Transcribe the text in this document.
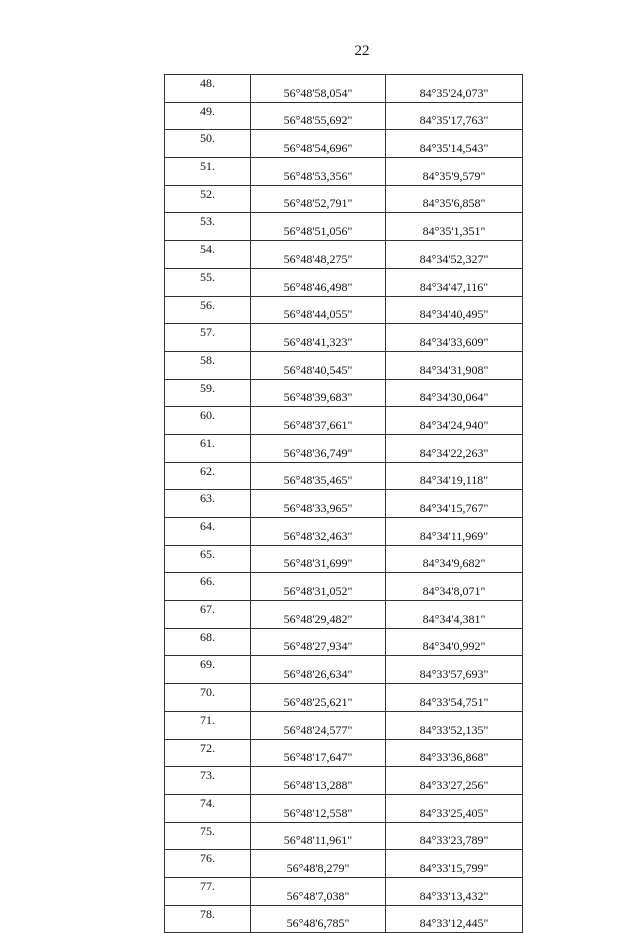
22
48.	56°48'58,054"	84°35'24,073"
49.	56°48'55,692"	84°35'17,763"
50.	56°48'54,696"	84°35'14,543"
51.	56°48'53,356"	84°35'9,579"
52.	56°48'52,791"	84°35'6,858"
53.	56°48'51,056"	84°35'1,351"
54.	56°48'48,275"	84°34'52,327"
55.	56°48'46,498"	84°34'47,116"
56.	56°48'44,055"	84°34'40,495"
57.	56°48'41,323"	84°34'33,609"
58.	56°48'40,545"	84°34'31,908"
59.	56°48'39,683"	84°34'30,064"
60.	56°48'37,661"	84°34'24,940"
61.	56°48'36,749"	84°34'22,263"
62.	56°48'35,465"	84°34'19,118"
63.	56°48'33,965"	84°34'15,767"
64.	56°48'32,463"	84°34'11,969"
65.	56°48'31,699"	84°34'9,682"
66.	56°48'31,052"	84°34'8,071"
67.	56°48'29,482"	84°34'4,381"
68.	56°48'27,934"	84°34'0,992"
69.	56°48'26,634"	84°33'57,693"
70.	56°48'25,621"	84°33'54,751"
71.	56°48'24,577"	84°33'52,135"
72.	56°48'17,647"	84°33'36,868"
73.	56°48'13,288"	84°33'27,256"
74.	56°48'12,558"	84°33'25,405"
75.	56°48'11,961"	84°33'23,789"
76.	56°48'8,279"	84°33'15,799"
77.	56°48'7,038"	84°33'13,432"
78.	56°48'6,785"	84°33'12,445"
